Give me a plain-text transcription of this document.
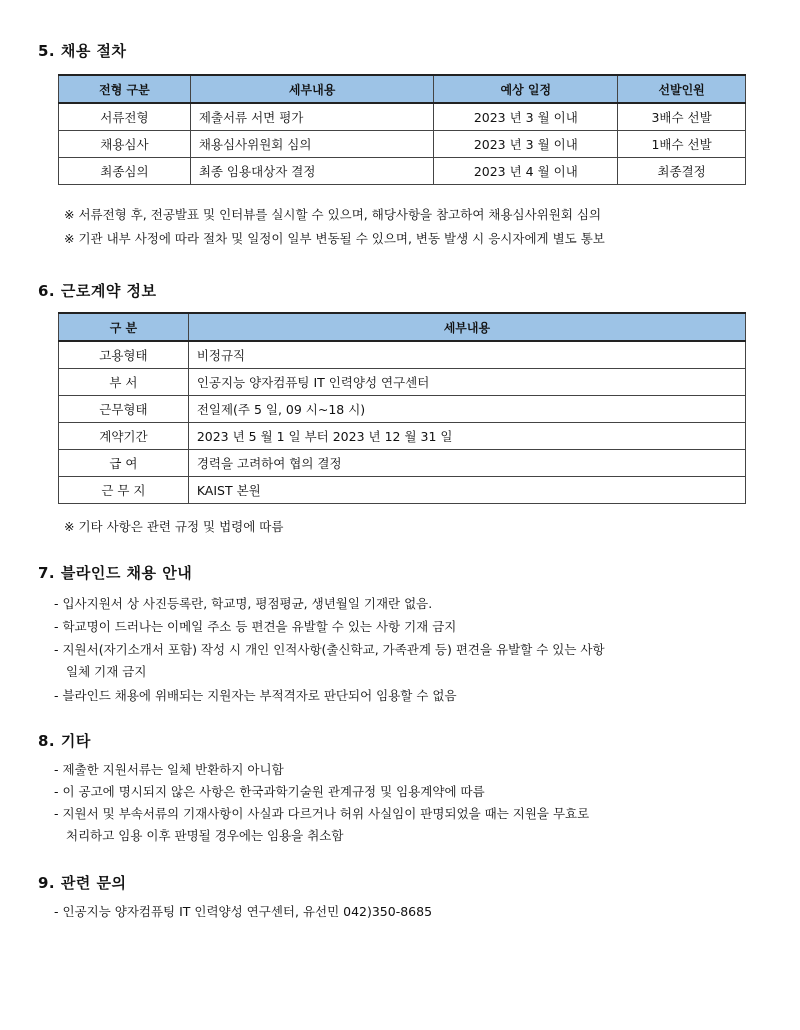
5. 채용 절차
전형 구분	세부내용	예상 일정	선발인원
서류전형	제출서류 서면 평가	2023 년 3 월 이내	3배수 선발
채용심사	채용심사위원회 심의	2023 년 3 월 이내	1배수 선발
최종심의	최종 임용대상자 결정	2023 년 4 월 이내	최종결정
※ 서류전형 후, 전공발표 및 인터뷰를 실시할 수 있으며, 해당사항을 참고하여 채용심사위원회 심의
※ 기관 내부 사정에 따라 절차 및 일정이 일부 변동될 수 있으며, 변동 발생 시 응시자에게 별도 통보
6. 근로계약 정보
구 분	세부내용
고용형태	비정규직
부 서	인공지능 양자컴퓨팅 IT 인력양성 연구센터
근무형태	전일제(주 5 일, 09 시~18 시)
계약기간	2023 년 5 월 1 일 부터 2023 년 12 월 31 일
급 여	경력을 고려하여 협의 결정
근 무 지	KAIST 본원
※ 기타 사항은 관련 규정 및 법령에 따름
7. 블라인드 채용 안내
- 입사지원서 상 사진등록란, 학교명, 평점평균, 생년월일 기재란 없음.
- 학교명이 드러나는 이메일 주소 등 편견을 유발할 수 있는 사항 기재 금지
- 지원서(자기소개서 포함) 작성 시 개인 인적사항(출신학교, 가족관계 등) 편견을 유발할 수 있는 사항
일체 기재 금지
- 블라인드 채용에 위배되는 지원자는 부적격자로 판단되어 임용할 수 없음
8. 기타
- 제출한 지원서류는 일체 반환하지 아니함
- 이 공고에 명시되지 않은 사항은 한국과학기술원 관계규정 및 임용계약에 따름
- 지원서 및 부속서류의 기재사항이 사실과 다르거나 허위 사실임이 판명되었을 때는 지원을 무효로
처리하고 임용 이후 판명될 경우에는 임용을 취소함
9. 관련 문의
- 인공지능 양자컴퓨팅 IT 인력양성 연구센터, 유선민 042)350-8685
